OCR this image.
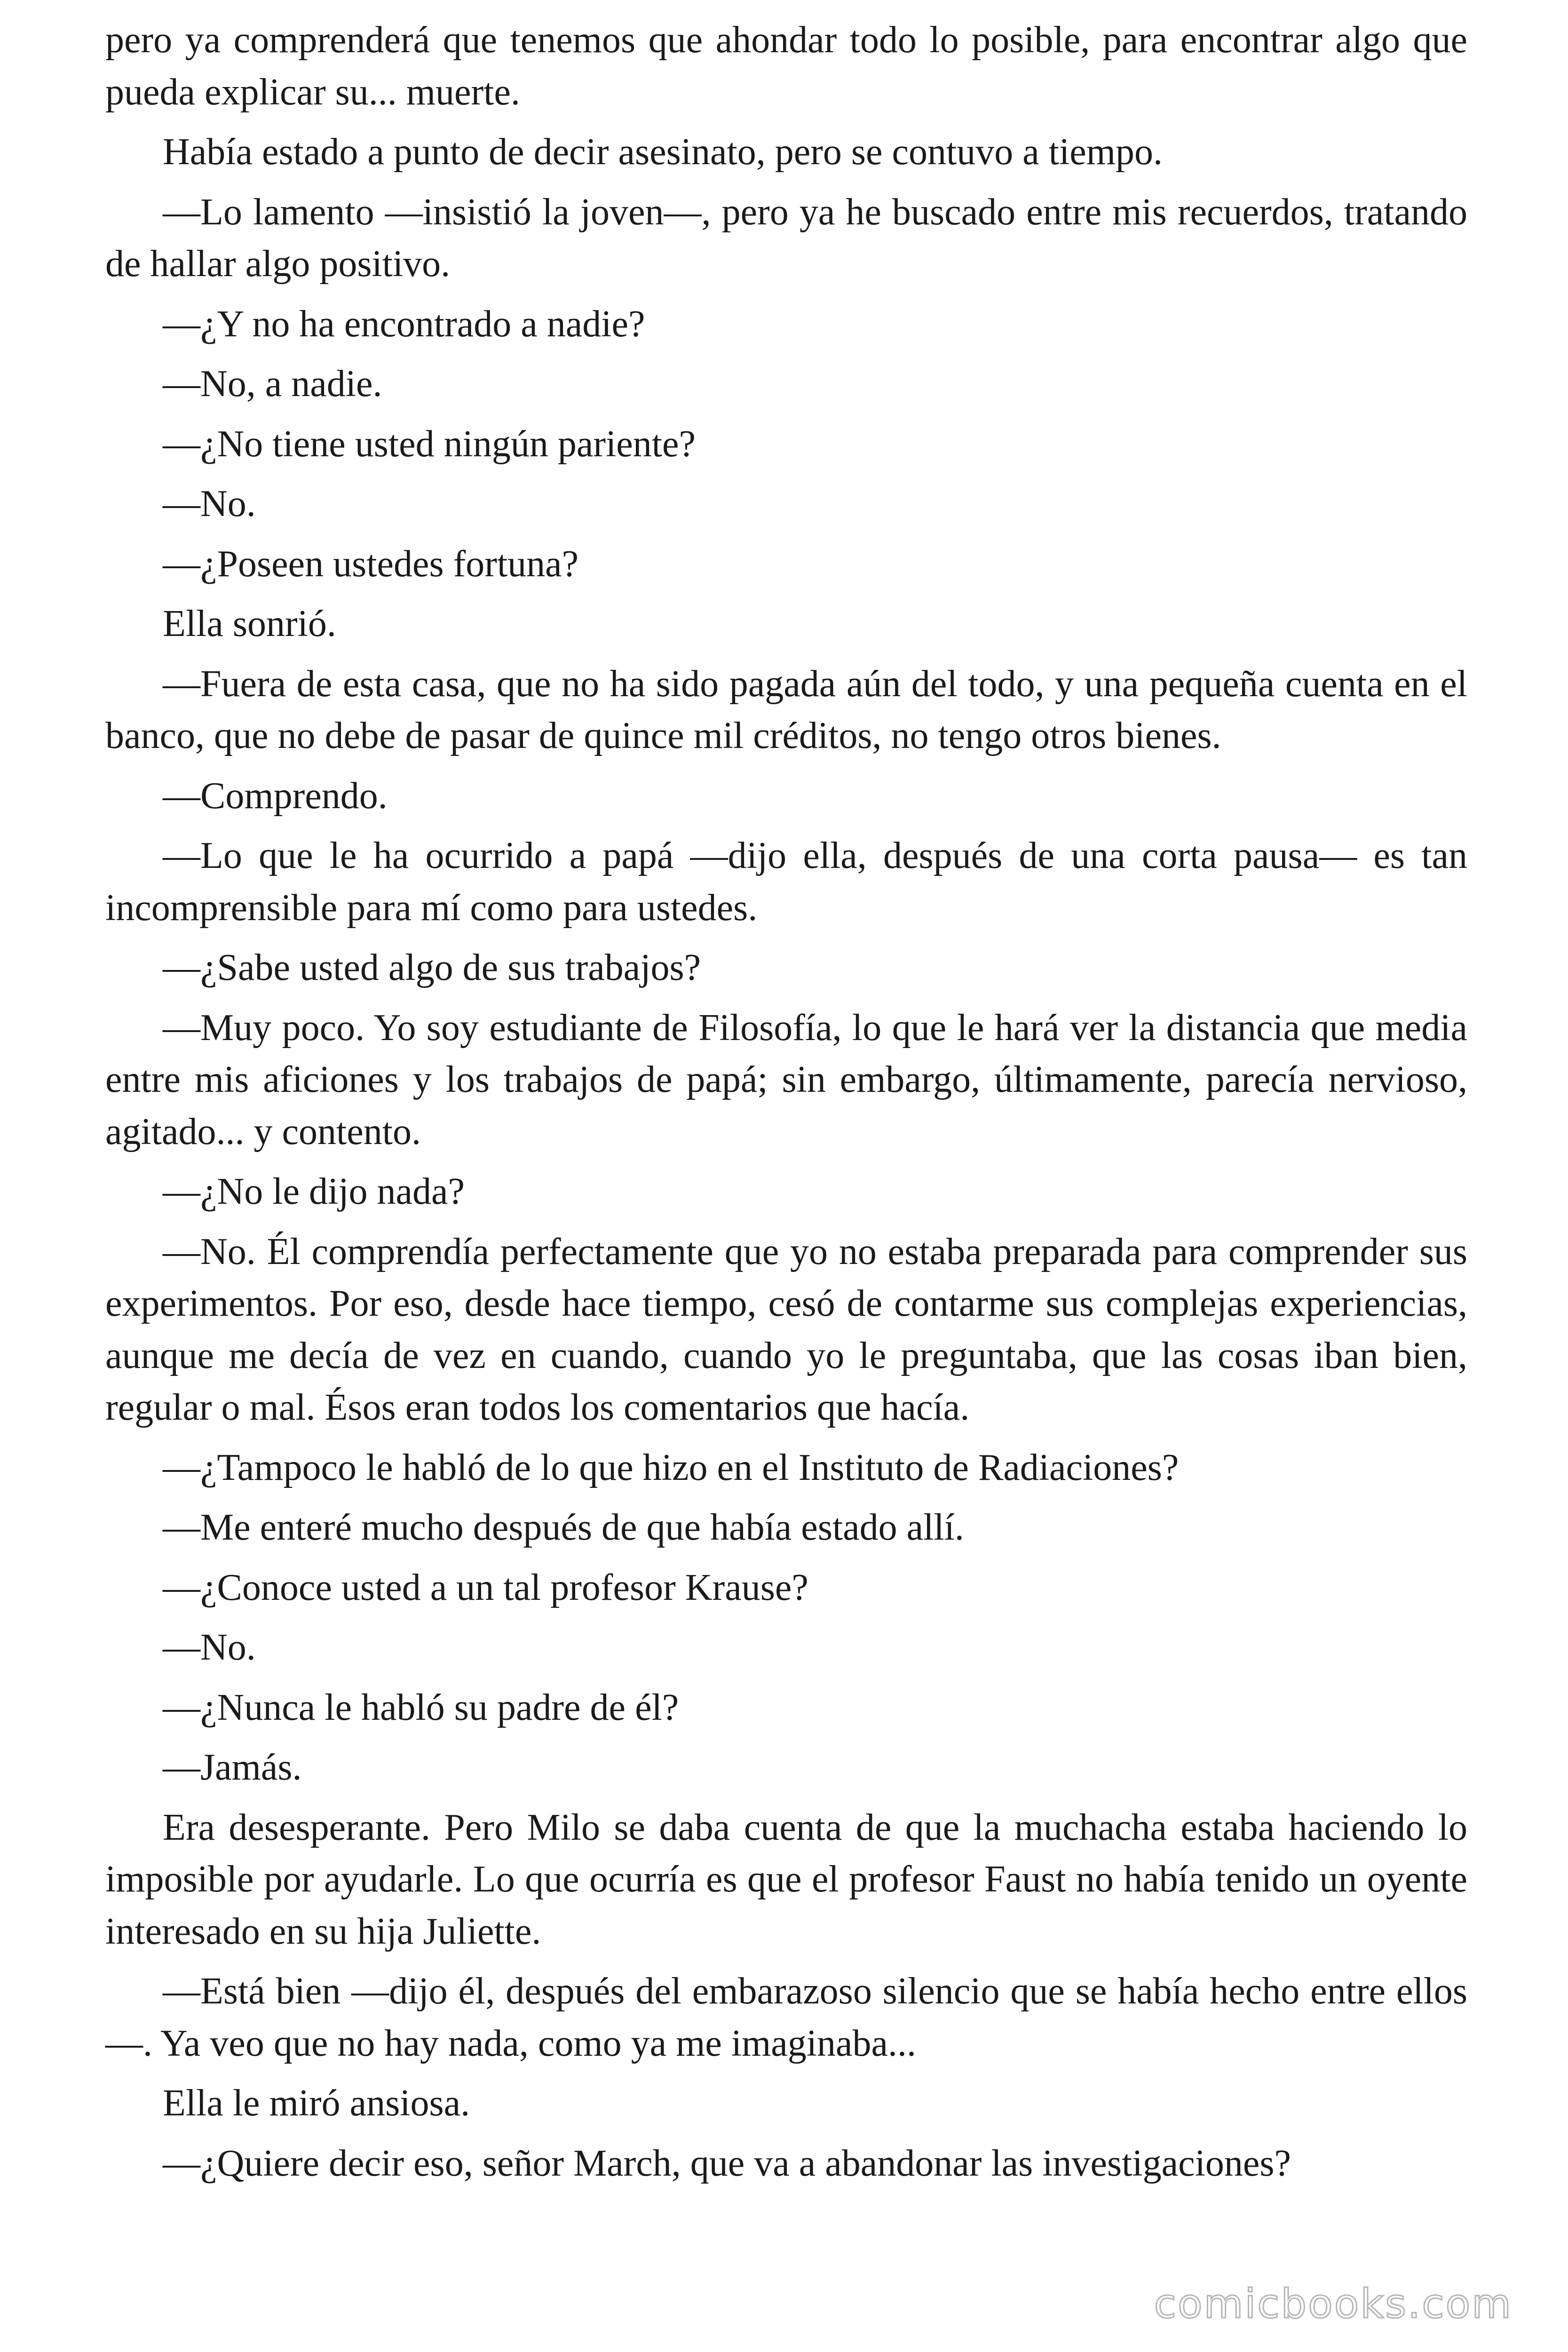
pero ya comprenderá que tenemos que ahondar todo lo posible, para encontrar algo que pueda explicar su... muerte.

Había estado a punto de decir asesinato, pero se contuvo a tiempo.

—Lo lamento —insistió la joven—, pero ya he buscado entre mis recuerdos, tratando de hallar algo positivo.

—¿Y no ha encontrado a nadie?

—No, a nadie.

—¿No tiene usted ningún pariente?

—No.

—¿Poseen ustedes fortuna?

Ella sonrió.

—Fuera de esta casa, que no ha sido pagada aún del todo, y una pequeña cuenta en el banco, que no debe de pasar de quince mil créditos, no tengo otros bienes.

—Comprendo.

—Lo que le ha ocurrido a papá —dijo ella, después de una corta pausa— es tan incomprensible para mí como para ustedes.

—¿Sabe usted algo de sus trabajos?

—Muy poco. Yo soy estudiante de Filosofía, lo que le hará ver la distancia que media entre mis aficiones y los trabajos de papá; sin embargo, últimamente, parecía nervioso, agitado... y contento.

—¿No le dijo nada?

—No. Él comprendía perfectamente que yo no estaba preparada para comprender sus experimentos. Por eso, desde hace tiempo, cesó de contarme sus complejas experiencias, aunque me decía de vez en cuando, cuando yo le preguntaba, que las cosas iban bien, regular o mal. Ésos eran todos los comentarios que hacía.

—¿Tampoco le habló de lo que hizo en el Instituto de Radiaciones?

—Me enteré mucho después de que había estado allí.

—¿Conoce usted a un tal profesor Krause?

—No.

—¿Nunca le habló su padre de él?

—Jamás.

Era desesperante. Pero Milo se daba cuenta de que la muchacha estaba haciendo lo imposible por ayudarle. Lo que ocurría es que el profesor Faust no había tenido un oyente interesado en su hija Juliette.

—Está bien —dijo él, después del embarazoso silencio que se había hecho entre ellos—. Ya veo que no hay nada, como ya me imaginaba...

Ella le miró ansiosa.

—¿Quiere decir eso, señor March, que va a abandonar las investigaciones?

comicbooks.com
